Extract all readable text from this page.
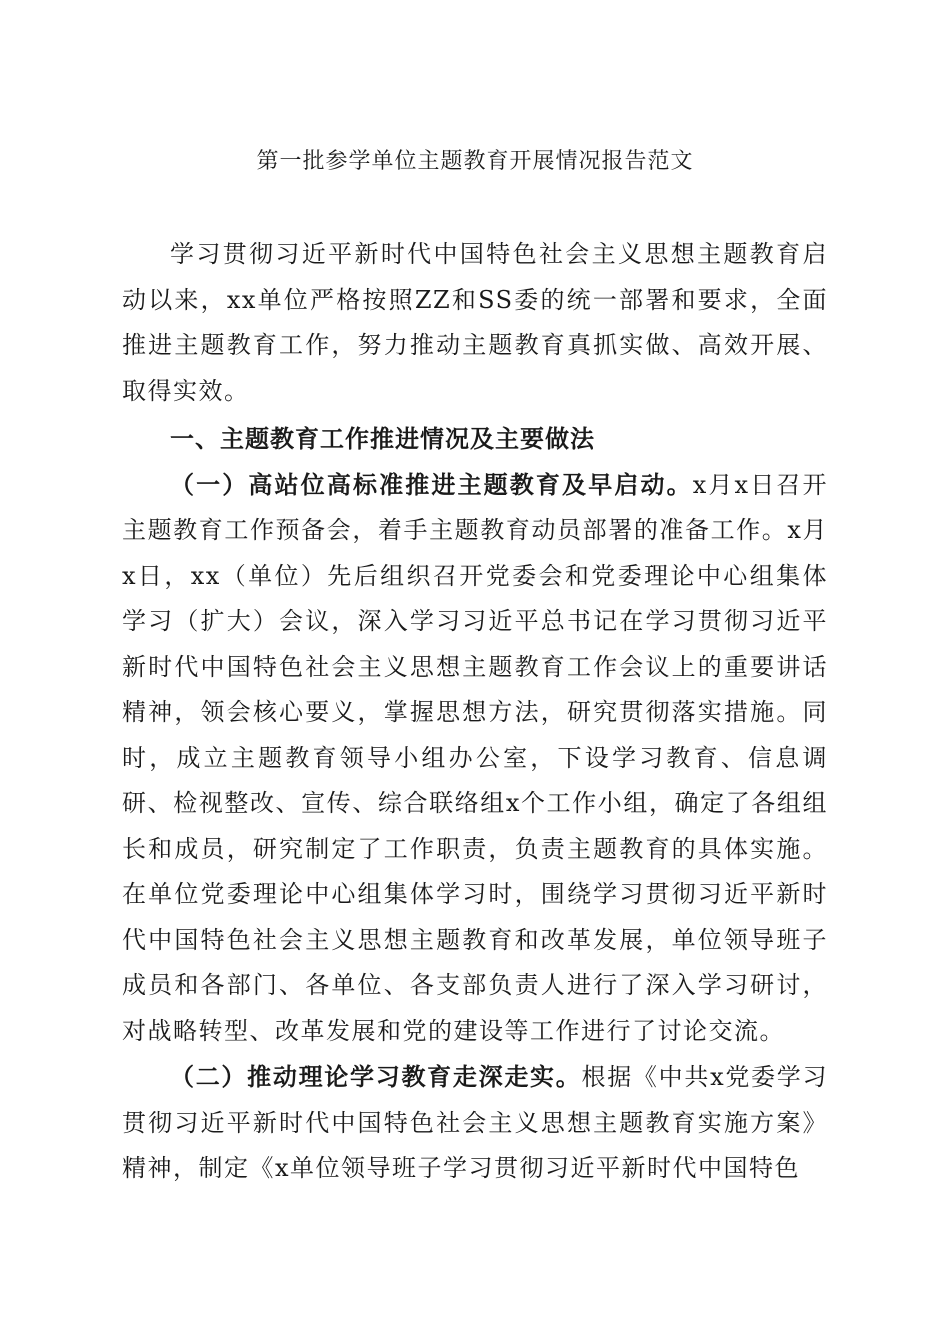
第一批参学单位主题教育开展情况报告范文

学习贯彻习近平新时代中国特色社会主义思想主题教育启动以来，xx单位严格按照ZZ和SS委的统一部署和要求，全面推进主题教育工作，努力推动主题教育真抓实做、高效开展、取得实效。

一、主题教育工作推进情况及主要做法

（一）高站位高标准推进主题教育及早启动。x月x日召开主题教育工作预备会，着手主题教育动员部署的准备工作。x月x日，xx（单位）先后组织召开党委会和党委理论中心组集体学习（扩大）会议，深入学习习近平总书记在学习贯彻习近平新时代中国特色社会主义思想主题教育工作会议上的重要讲话精神，领会核心要义，掌握思想方法，研究贯彻落实措施。同时，成立主题教育领导小组办公室，下设学习教育、信息调研、检视整改、宣传、综合联络组x个工作小组，确定了各组组长和成员，研究制定了工作职责，负责主题教育的具体实施。在单位党委理论中心组集体学习时，围绕学习贯彻习近平新时代中国特色社会主义思想主题教育和改革发展，单位领导班子成员和各部门、各单位、各支部负责人进行了深入学习研讨，对战略转型、改革发展和党的建设等工作进行了讨论交流。

（二）推动理论学习教育走深走实。根据《中共x党委学习贯彻习近平新时代中国特色社会主义思想主题教育实施方案》精神，制定《x单位领导班子学习贯彻习近平新时代中国特色
